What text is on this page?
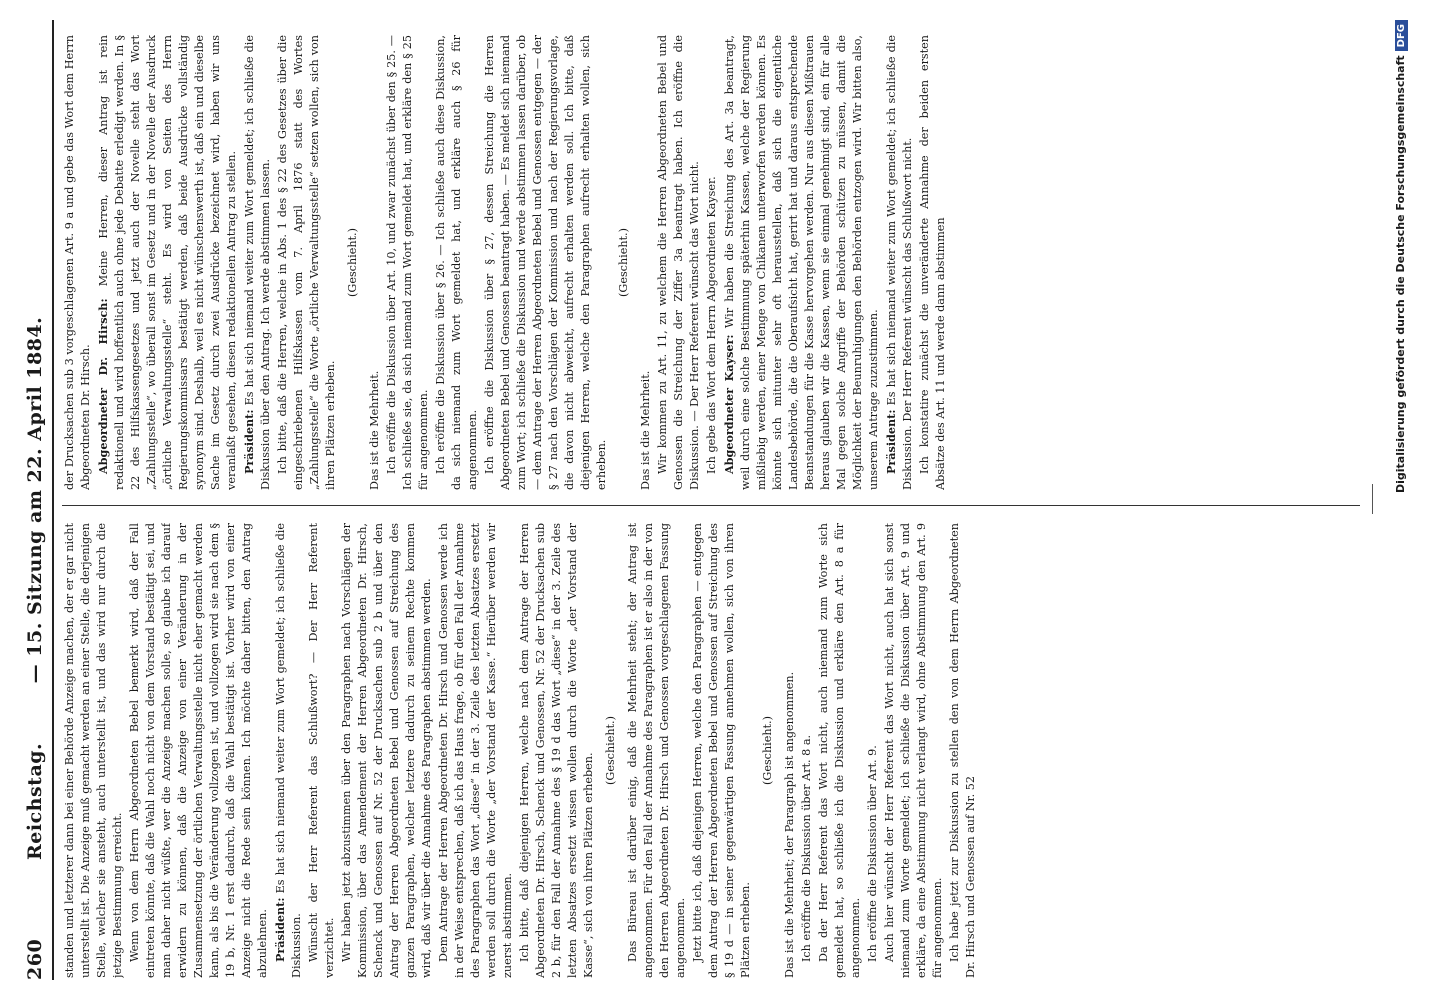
260
Reichstag.
— 15. Sitzung am 22. April 1884.

standen und letzterer dann bei einer Behörde Anzeige machen, der er gar nicht unterstellt ist. Die Anzeige muß gemacht werden an einer Stelle, die derjenigen Stelle, welcher sie ansteht, auch unterstellt ist, und das wird nur durch die jetzige Bestimmung erreicht. Wenn von dem Herrn Abgeordneten Bebel bemerkt wird, daß der Fall eintreten könnte, daß die Wahl noch nicht von dem Vorstand bestätigt sei, und man daher nicht wüßte, wer die Anzeige machen solle, so glaube ich darauf erwidern zu können, daß die Anzeige von einer Veränderung in der Zusammensetzung der örtlichen Verwaltungsstelle nicht eher gemacht werden kann, als bis die Veränderung vollzogen ist, und vollzogen wird sie nach dem § 19 b, Nr. 1 erst dadurch, daß die Wahl bestätigt ist. Vorher wird von einer Anzeige nicht die Rede sein können. Ich möchte daher bitten, den Antrag abzulehnen. Präsident: Es hat sich niemand weiter zum Wort gemeldet; ich schließe die Diskussion. Wünscht der Herr Referent das Schlußwort? — Der Herr Referent verzichtet. Wir haben jetzt abzustimmen über den Paragraphen nach Vorschlägen der Kommission, über das Amendement der Herren Abgeordneten Dr. Hirsch, Schenck und Genossen auf Nr. 52 der Drucksachen sub 2 b und über den Antrag der Herren Abgeordneten Bebel und Genossen auf Streichung des ganzen Paragraphen, welcher letztere dadurch zu seinem Rechte kommen wird, daß wir über die Annahme des Paragraphen abstimmen werden. Dem Antrage der Herren Abgeordneten Dr. Hirsch und Genossen werde ich in der Weise entsprechen, daß ich das Haus frage, ob für den Fall der Annahme des Paragraphen das Wort „diese“ in der 3. Zeile des letzten Absatzes ersetzt werden soll durch die Worte „der Vorstand der Kasse.“ Hierüber werden wir zuerst abstimmen. Ich bitte, daß diejenigen Herren, welche nach dem Antrage der Herren Abgeordneten Dr. Hirsch, Schenck und Genossen, Nr. 52 der Drucksachen sub 2 b, für den Fall der Annahme des § 19 d das Wort „diese“ in der 3. Zeile des letzten Absatzes ersetzt wissen wollen durch die Worte „der Vorstand der Kasse“, sich von ihren Plätzen erheben.

(Geschieht.) Das Büreau ist darüber einig, daß die Mehrheit steht; der Antrag ist angenommen. Für den Fall der Annahme des Paragraphen ist er also in der von den Herren Abgeordneten Dr. Hirsch und Genossen vorgeschlagenen Fassung angenommen. Jetzt bitte ich, daß diejenigen Herren, welche den Paragraphen — entgegen dem Antrag der Herren Abgeordneten Bebel und Genossen auf Streichung des § 19 d — in seiner gegenwärtigen Fassung annehmen wollen, sich von ihren Plätzen erheben.

(Geschieht.) Das ist die Mehrheit; der Paragraph ist angenommen. Ich eröffne die Diskussion über Art. 8 a. Da der Herr Referent das Wort nicht, auch niemand zum Worte sich gemeldet hat, so schließe ich die Diskussion und erkläre den Art. 8 a für angenommen. Ich eröffne die Diskussion über Art. 9. Auch hier wünscht der Herr Referent das Wort nicht, auch hat sich sonst niemand zum Worte gemeldet; ich schließe die Diskussion über Art. 9 und erkläre, da eine Abstimmung nicht verlangt wird, ohne Abstimmung den Art. 9 für angenommen. Ich habe jetzt zur Diskussion zu stellen den von dem Herrn Abgeordneten Dr. Hirsch und Genossen auf Nr. 52

der Drucksachen sub 3 vorgeschlagenen Art. 9 a und gebe das Wort dem Herrn Abgeordneten Dr. Hirsch. Abgeordneter Dr. Hirsch: Meine Herren, dieser Antrag ist rein redaktionell und wird hoffentlich auch ohne jede Debatte erledigt werden. In § 22 des Hilfskassengesetzes und jetzt auch der Novelle steht das Wort „Zahlungsstelle“, wo überall sonst im Gesetz und in der Novelle der Ausdruck „örtliche Verwaltungsstelle“ steht. Es wird von Seiten des Herrn Regierungskommissars bestätigt werden, daß beide Ausdrücke vollständig synonym sind. Deshalb, weil es nicht wünschenswerth ist, daß ein und dieselbe Sache im Gesetz durch zwei Ausdrücke bezeichnet wird, haben wir uns veranlaßt gesehen, diesen redaktionellen Antrag zu stellen. Präsident: Es hat sich niemand weiter zum Wort gemeldet; ich schließe die Diskussion über den Antrag. Ich werde abstimmen lassen. Ich bitte, daß die Herren, welche in Abs. 1 des § 22 des Gesetzes über die eingeschriebenen Hilfskassen vom 7. April 1876 statt des Wortes „Zahlungsstelle“ die Worte „örtliche Verwaltungsstelle“ setzen wollen, sich von ihren Plätzen erheben.

(Geschieht.)

Das ist die Mehrheit. Ich eröffne die Diskussion über Art. 10, und zwar zunächst über den § 25. — Ich schließe sie, da sich niemand zum Wort gemeldet hat, und erkläre den § 25 für angenommen. Ich eröffne die Diskussion über § 26. — Ich schließe auch diese Diskussion, da sich niemand zum Wort gemeldet hat, und erkläre auch § 26 für angenommen. Ich eröffne die Diskussion über § 27, dessen Streichung die Herren Abgeordneten Bebel und Genossen beantragt haben. — Es meldet sich niemand zum Wort; ich schließe die Diskussion und werde abstimmen lassen darüber, ob — dem Antrage der Herren Abgeordneten Bebel und Genossen entgegen — der § 27 nach den Vorschlägen der Kommission und nach der Regierungsvorlage, die davon nicht abweicht, aufrecht erhalten werden soll. Ich bitte, daß diejenigen Herren, welche den Paragraphen aufrecht erhalten wollen, sich erheben.

(Geschieht.)

Das ist die Mehrheit. Wir kommen zu Art. 11, zu welchem die Herren Abgeordneten Bebel und Genossen die Streichung der Ziffer 3a beantragt haben. Ich eröffne die Diskussion. — Der Herr Referent wünscht das Wort nicht. Ich gebe das Wort dem Herrn Abgeordneten Kayser. Abgeordneter Kayser: Wir haben die Streichung des Art. 3a beantragt, weil durch eine solche Bestimmung späterhin Kassen, welche der Regierung mißliebig werden, einer Menge von Chikanen unterworfen werden können. Es könnte sich mitunter sehr oft herausstellen, daß sich die eigentliche Landesbehörde, die die Oberaufsicht hat, gerirt hat und daraus entsprechende Beanstandungen für die Kasse hervorgehen werden. Nur aus diesen Mißtrauen heraus glauben wir die Kassen, wenn sie einmal genehmigt sind, ein für alle Mal gegen solche Angriffe der Behörden schützen zu müssen, damit die Möglichkeit der Beunruhigungen den Behörden entzogen wird. Wir bitten also, unserem Antrage zuzustimmen. Präsident: Es hat sich niemand weiter zum Wort gemeldet; ich schließe die Diskussion. Der Herr Referent wünscht das Schlußwort nicht. Ich konstatire zunächst die unveränderte Annahme der beiden ersten Absätze des Art. 11 und werde dann abstimmen	Digitalisierung gefördert durch die Deutsche ForschungsgemeinschaftDFG
